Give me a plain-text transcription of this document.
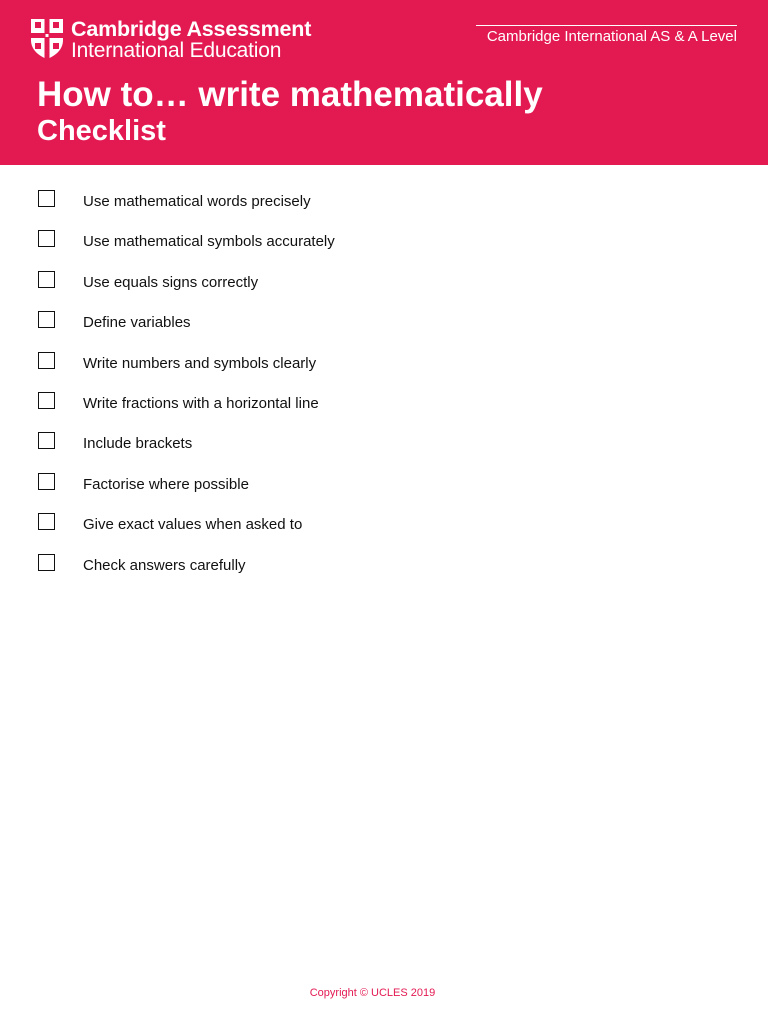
Cambridge Assessment
International Education
Cambridge International AS & A Level
How to… write mathematically
Checklist
Use mathematical words precisely
Use mathematical symbols accurately
Use equals signs correctly
Define variables
Write numbers and symbols clearly
Write fractions with a horizontal line
Include brackets
Factorise where possible
Give exact values when asked to
Check answers carefully
Copyright © UCLES 2019
